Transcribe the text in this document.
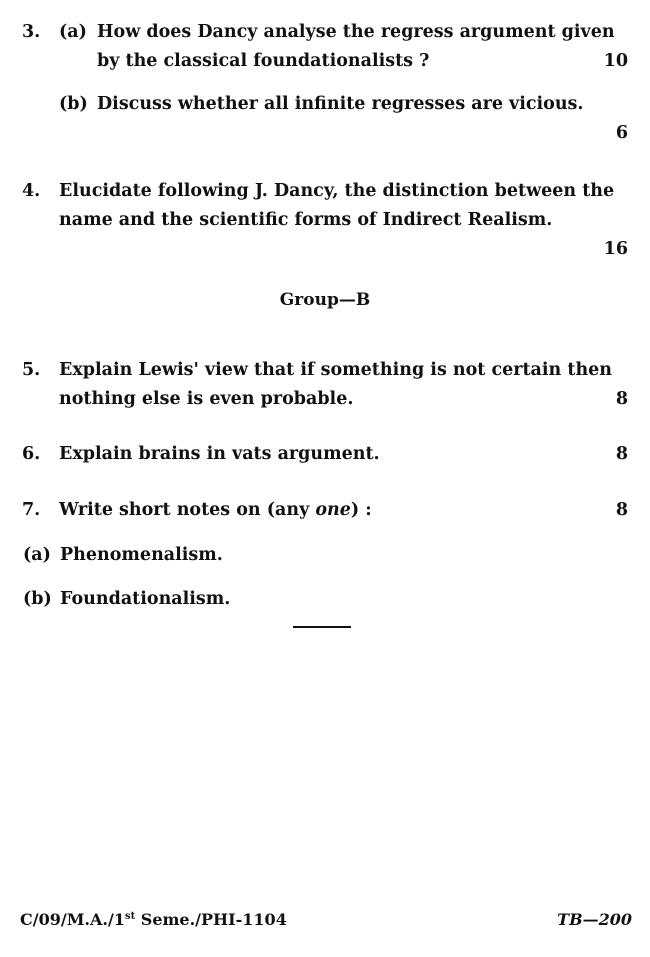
3. (a) How does Dancy analyse the regress argument given
by the classical foundationalists ?	10
(b) Discuss whether all infinite regresses are vicious.
6
4. Elucidate following J. Dancy, the distinction between the
name and the scientific forms of Indirect Realism.
16
Group—B
5. Explain Lewis' view that if something is not certain then
nothing else is even probable.	8
6. Explain brains in vats argument.	8
7. Write short notes on (any one) :	8
(a) Phenomenalism.
(b) Foundationalism.
C/09/M.A./1st Seme./PHI-1104	TB—200
